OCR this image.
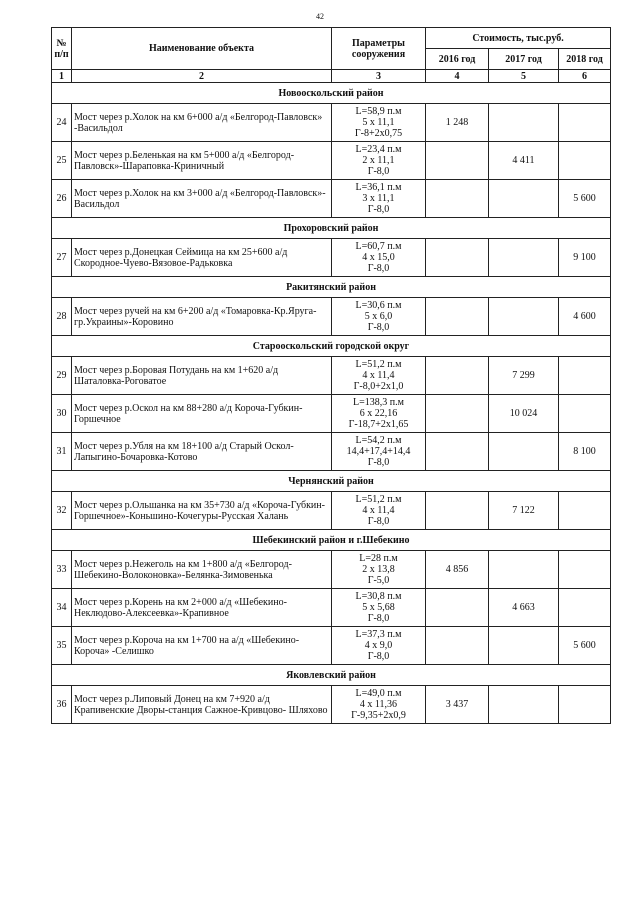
42
№ п/п	Наименование объекта	Параметры сооружения	Стоимость, тыс.руб.		
			2016 год	2017 год	2018 год
1	2	3	4	5	6
Новооскольский район					
24	Мост через р.Холок на км 6+000 а/д «Белгород-Павловск» -Васильдол	L=58,9 п.м
5 x 11,1
Г-8+2x0,75	1 248		
25	Мост через р.Беленькая на км 5+000 а/д «Белгород-Павловск»-Шараповка-Криничный	L=23,4 п.м
2 x 11,1
Г-8,0		4 411	
26	Мост через р.Холок на км 3+000 а/д «Белгород-Павловск»-Васильдол	L=36,1 п.м
3 x 11,1
Г-8,0			5 600
Прохоровский район					
27	Мост через р.Донецкая Сеймица на км 25+600 а/д Скородное-Чуево-Вязовое-Радьковка	L=60,7 п.м
4 x 15,0
Г-8,0			9 100
Ракитянский район					
28	Мост через ручей на км 6+200 а/д «Томаровка-Кр.Яруга-гр.Украины»-Коровино	L=30,6 п.м
5 x 6,0
Г-8,0			4 600
Старооскольский городской округ					
29	Мост через р.Боровая Потудань на км 1+620 а/д Шаталовка-Роговатое	L=51,2 п.м
4 x 11,4
Г-8,0+2x1,0		7 299	
30	Мост через р.Оскол на км 88+280 а/д Короча-Губкин-Горшечное	L=138,3 п.м
6 x 22,16
Г-18,7+2x1,65		10 024	
31	Мост через р.Убля на км 18+100 а/д Старый Оскол-Лапыгино-Бочаровка-Котово	L=54,2 п.м
14,4+17,4+14,4
Г-8,0			8 100
Чернянский район					
32	Мост через р.Ольшанка на км 35+730 а/д «Короча-Губкин-Горшечное»-Коньшино-Кочегуры-Русская Халань	L=51,2 п.м
4 x 11,4
Г-8,0		7 122	
Шебекинский район и г.Шебекино					
33	Мост через р.Нежеголь на км 1+800 а/д «Белгород-Шебекино-Волоконовка»-Белянка-Зимовенька	L=28 п.м
2 x 13,8
Г-5,0	4 856		
34	Мост через р.Корень на км 2+000 а/д «Шебекино-Неклюдово-Алексеевка»-Крапивное	L=30,8 п.м
5 x 5,68
Г-8,0		4 663	
35	Мост через р.Короча на км 1+700 на а/д «Шебекино-Короча» -Селишко	L=37,3 п.м
4 x 9,0
Г-8,0			5 600
Яковлевский район					
36	Мост через р.Липовый Донец на км 7+920 а/д Крапивенские Дворы-станция Сажное-Кривцово- Шляхово	L=49,0 п.м
4 x 11,36
Г-9,35+2x0,9	3 437		
